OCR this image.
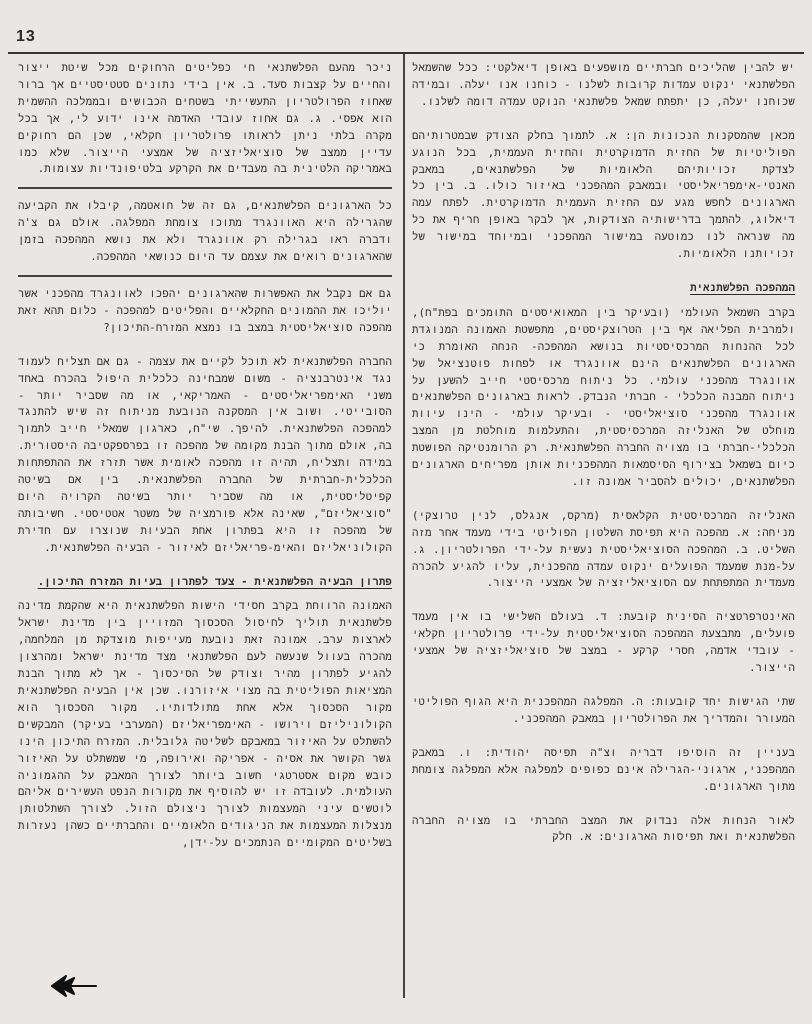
13

יש להבין שהליכים חברתיים מושפעים באופן דיאלקטי: ככל שהשמאל הפלשתנאי ינקוט עמדות קרובות לשלנו - כוחנו אנו יעלה. ובמידה שכוחנו יעלה, כן יתפתח שמאל פלשתנאי הנוקט עמדה דומה לשלנו.

מכאן שהמסקנות הנכונות הן: א. לתמוך בחלק הצודק שבמטרותיהם הפוליטיות של החזית הדמוקרטית והחזית העממית, בכל הנוגע לצדקת זכויותיהם הלאומיות של הפלשתנאים, במאבק האנטי-אימפריאליסטי ובמאבק המהפכני באיזור כולו. ב. בין כל הארגונים לחפש מגע עם החזית העממית הדמוקרטית. לפתח עמה דיאלוג, להתמך בדרישותיה הצודקות, אך לבקר באופן חריף את כל מה שנראה לנו כמוטעה במישור המהפכני ובמיוחד במישור של זכויותנו הלאומיות.

המהפכה הפלשתנאית

בקרב השמאל העולמי (ובעיקר בין המאואיסטים התומכים בפת"ח), ולמרבית הפליאה אף בין הטרוצקיסטים, מתפשטת האמונה המנוגדת לכל ההנחות המרכסיסטיות בנושא המהפכה- הנחה האומרת כי הארגונים הפלשתנאים הינם אוונגרד או לפחות פוטנציאל של אוונגרד מהפכני עולמי. כל ניתוח מרכסיסטי חייב להשען על ניתוח המבנה הכלכלי - חברתי הנבדק. לראות בארגונים הפלשתנאים אוונגרד מהפכני סוציאליסטי - ובעיקר עולמי - הינו עיוות מוחלט של האנליזה המרכסיסטית, והתעלמות מוחלטת מן המצב הכלכלי-חברתי בו מצויה החברה הפלשתנאית. רק הרומנטיקה הפושטת כיום בשמאל בצירוף הסיסמאות המהפכניות אותן מפריחים הארגונים הפלשתנאים, יכולים להסביר אמונה זו.

האנליזה המרכסיסטית הקלאסית (מרקס, אנגלס, לנין טרוצקי) מניחה: א. מהפכה היא תפיסת השלטון הפוליטי בידי מעמד אחר מזה השליט. ב. המהפכה הסוציאליסטית נעשית על-ידי הפרולטריון. ג. על-מנת שמעמד הפועלים ינקוט עמדה מהפכנית, עליו להגיע להכרה מעמדית המתפתחת עם הסוציאליזציה של אמצעי הייצור.

האינטרפרטציה הסינית קובעת: ד. בעולם השלישי בו אין מעמד פועלים, מתבצעת המהפכה הסוציאליסטית על-ידי פרולטריון חקלאי - עובדי אדמה, חסרי קרקע - במצב של סוציאליזציה של אמצעי הייצור.

שתי הגישות יחד קובעות: ה. המפלגה המהפכנית היא הגוף הפוליטי המעורר והמדריך את הפרולטריון במאבק המהפכני.

בעניין זה הוסיפו דבריה וצ"ה תפיסה יהודית: ו. במאבק המהפכני, ארגוני-הגרילה אינם כפופים למפלגה אלא המפלגה צומחת מתוך הארגונים.

לאור הנחות אלה נבדוק את המצב החברתי בו מצויה החברה הפלשתנאית ואת תפיסות הארגונים: א. חלק

ניכר מהעם הפלשתנאי חי כפליטים הרחוקים מכל שיטת ייצור והחיים על קצבות סעד. ב. אין בידי נתונים סטטיסטיים אך ברור שאחוז הפרולטריון התעשייתי בשטחים הכבושים ובממלכה ההשמית הוא אפסי. ג. גם אחוז עובדי האדמה אינו ידוע לי, אך בכל מקרה בלתי ניתן לראותו פרולטריון חקלאי, שכן הם רחוקים עדיין ממצב של סוציאליזציה של אמצעי הייצור. שלא כמו באמריקה הלטינית בה מעבדים את הקרקע בלטיפונדיות עצומות.

כל הארגונים הפלשתנאים, גם זה של חואטמה, קיבלו את הקביעה שהגרילה היא האוונגרד מתוכו צומחת המפלגה. אולם גם צ'ה ודברה ראו בגרילה רק אוונגרד ולא את נושא המהפכה בזמן שהארגונים רואים את עצמם עד היום כנושאי המהפכה.

גם אם נקבל את האפשרות שהארגונים יהפכו לאוונגרד מהפכני אשר יוליכו את ההמונים החקלאיים והפליטים למהפכה - כלום תהא זאת מהפכה סוציאליסטית במצב בו נמצא המזרח-התיכון?

החברה הפלשתנאית לא תוכל לקיים את עצמה - גם אם תצליח לעמוד נגד אינטרבנציה - משום שמבחינה כלכלית היפול בהכרח באחד משני האימפריאליסטים - האמריקאי, או מה שסביר יותר - הסובייטי. ושוב אין המסקנה הנובעת מניתוח זה שיש להתנגד למהפכה הפלשתנאית. להיפך. שי"ח, כארגון שמאלי חייב לתמוך בה, אולם מתוך הבנת מקומה של מהפכה זו בפרספקטיבה היסטורית. במידה ותצליח, תהיה זו מהפכה לאומית אשר תזרז את ההתפתחות הכלכלית-חברתית של החברה הפלשתנאית. בין אם בשיטה קפיטליסטית, או מה שסביר יותר בשיטה הקרויה היום "סוציאליזם", שאינה אלא פורמציה של משטר אטטיסטי. חשיבותה של מהפכה זו היא בפתרון אחת הבעיות שנוצרו עם חדירת הקולוניאליזם והאימ-פריאליזם לאיזור - הבעיה הפלשתנאית.

פתרון הבעיה הפלשתנאית - צעד לפתרון בעיות המזרח התיכון.

האמונה הרווחת בקרב חסידי הישות הפלשתנאית היא שהקמת מדינה פלשתנאית תוליך לחיסול הסכסוך המזויין בין מדינת ישראל לארצות ערב. אמונה זאת נובעת מעייפות מוצדקת מן המלחמה, מהכרה בעוול שנעשה לעם הפלשתנאי מצד מדינת ישראל ומהרצון להגיע לפתרון מהיר וצודק של הסיכסוך - אך לא מתוך הבנת המציאות הפוליטית בה מצוי איזורנו. שכן אין הבעיה הפלשתנאית מקור הסכסוך אלא אחת מתולדותיו. מקור הסכסוך הוא הקולוניליזם וירושו - האימפריאליזם (המערבי בעיקר) המבקשים להשתלט על האיזור במאבקם לשליטה גלובלית. המזרח התיכון הינו גשר הקושר את אסיה - אפריקה ואירופה, מי שמשתלט על האיזור כובש מקום אסטרטגי חשוב ביותר לצורך המאבק על ההגמוניה העולמית. לעובדה זו יש להוסיף את מקורות הנפט העשירים אליהם לוטשים עיני המעצמות לצורך ניצולם הזול. לצורך השתלטותן מנצלות המעצמות את הניגודים הלאומיים והחברתיים כשהן נעזרות בשליטים המקומיים הנתמכים על-ידן,
